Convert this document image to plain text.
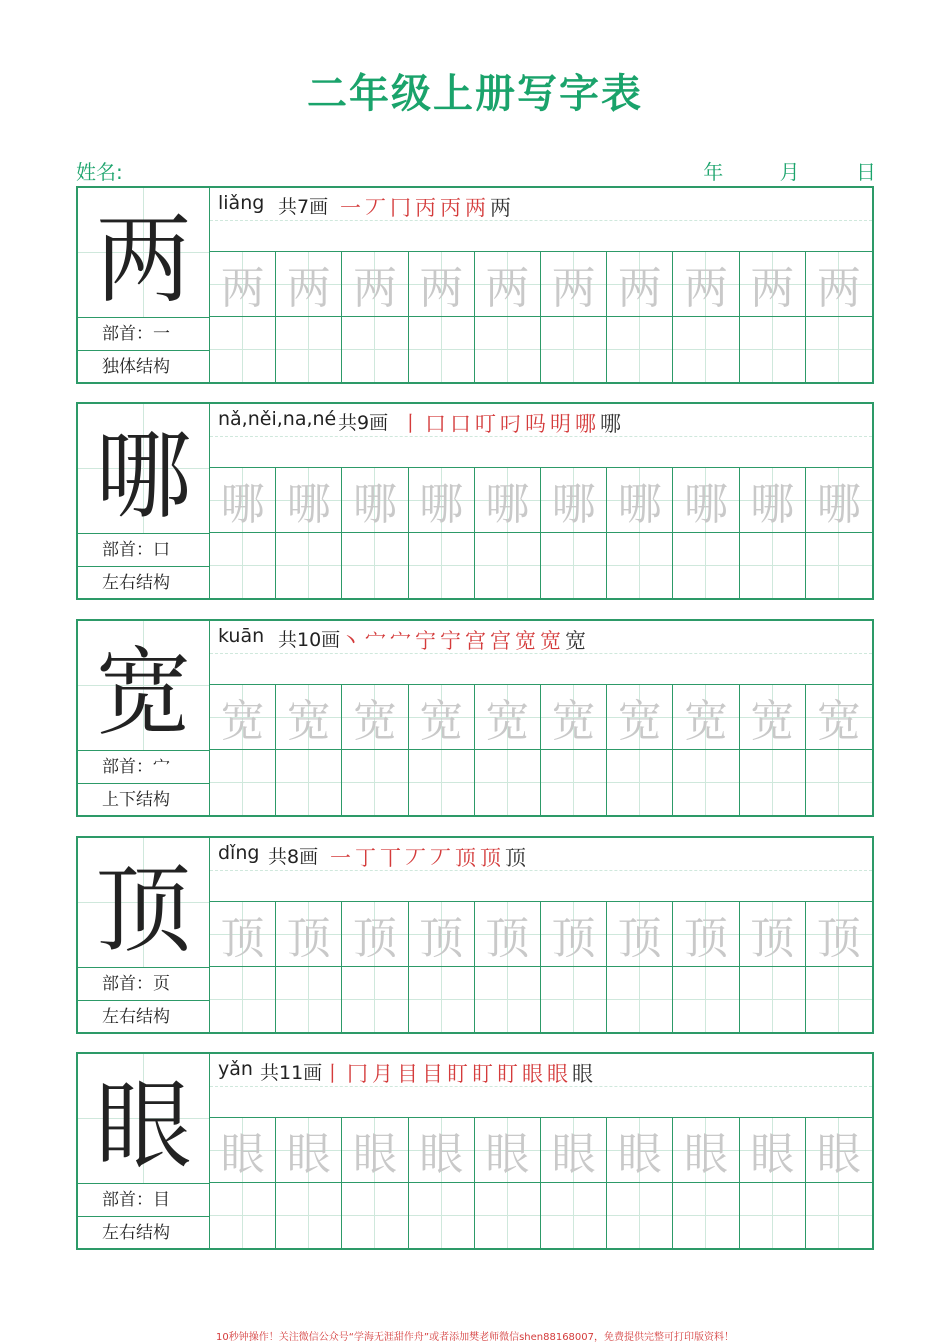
二年级上册写字表
姓名:	年	月	日
两
部首：一
独体结构
liǎng 共7画 一丆冂丙丙两两
两 两 两 两 两 两 两 两 两 两
哪
部首：口
左右结构
nǎ,něi,na,né 共9画 丨口口叮叼吗明哪哪
哪 哪 哪 哪 哪 哪 哪 哪 哪 哪
宽
部首：宀
上下结构
kuān 共10画 丶宀宀宁宁宫宫宽宽宽
宽 宽 宽 宽 宽 宽 宽 宽 宽 宽
顶
部首：页
左右结构
dǐng 共8画 一丁丅丆丆顶顶顶
顶 顶 顶 顶 顶 顶 顶 顶 顶 顶
眼
部首：目
左右结构
yǎn 共11画 丨冂月目目盯盯盯眼眼眼
眼 眼 眼 眼 眼 眼 眼 眼 眼 眼
10秒钟操作！关注微信公众号“学海无涯甜作舟”或者添加樊老师微信shen88168007，免费提供完整可打印版资料！
